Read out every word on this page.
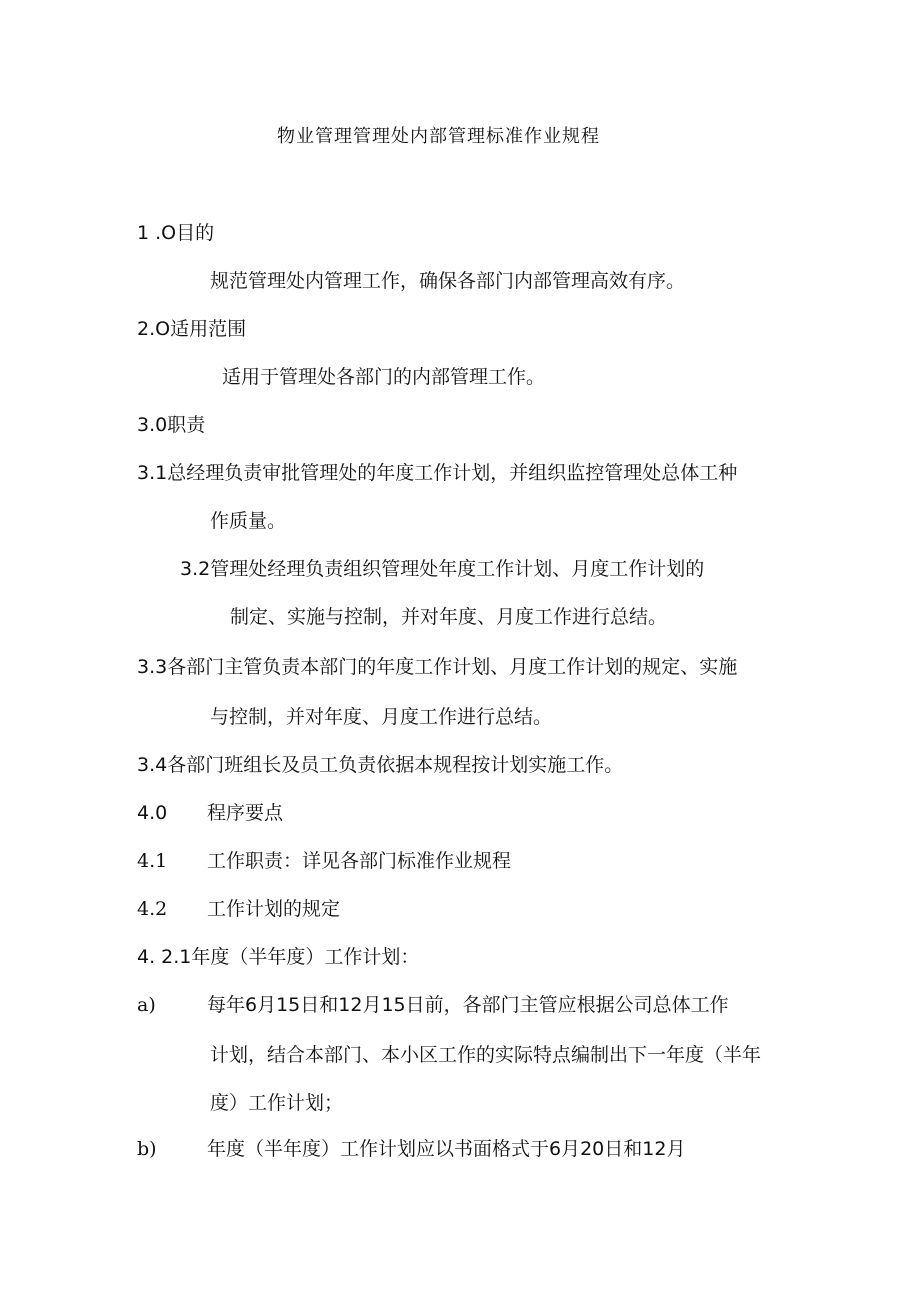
物业管理管理处内部管理标准作业规程
1 .O目的
规范管理处内管理工作，确保各部门内部管理高效有序。
2.O适用范围
适用于管理处各部门的内部管理工作。
3.0职责
3.1总经理负责审批管理处的年度工作计划，并组织监控管理处总体工种
作质量。
3.2管理处经理负责组织管理处年度工作计划、月度工作计划的
制定、实施与控制，并对年度、月度工作进行总结。
3.3各部门主管负责本部门的年度工作计划、月度工作计划的规定、实施
与控制，并对年度、月度工作进行总结。
3.4各部门班组长及员工负责依据本规程按计划实施工作。
4.0 程序要点
4.1 工作职责：详见各部门标准作业规程
4.2 工作计划的规定
4. 2.1年度（半年度）工作计划：
a)	每年6月15日和12月15日前，各部门主管应根据公司总体工作
计划，结合本部门、本小区工作的实际特点编制出下一年度（半年
度）工作计划；
b)	年度（半年度）工作计划应以书面格式于6月20日和12月
